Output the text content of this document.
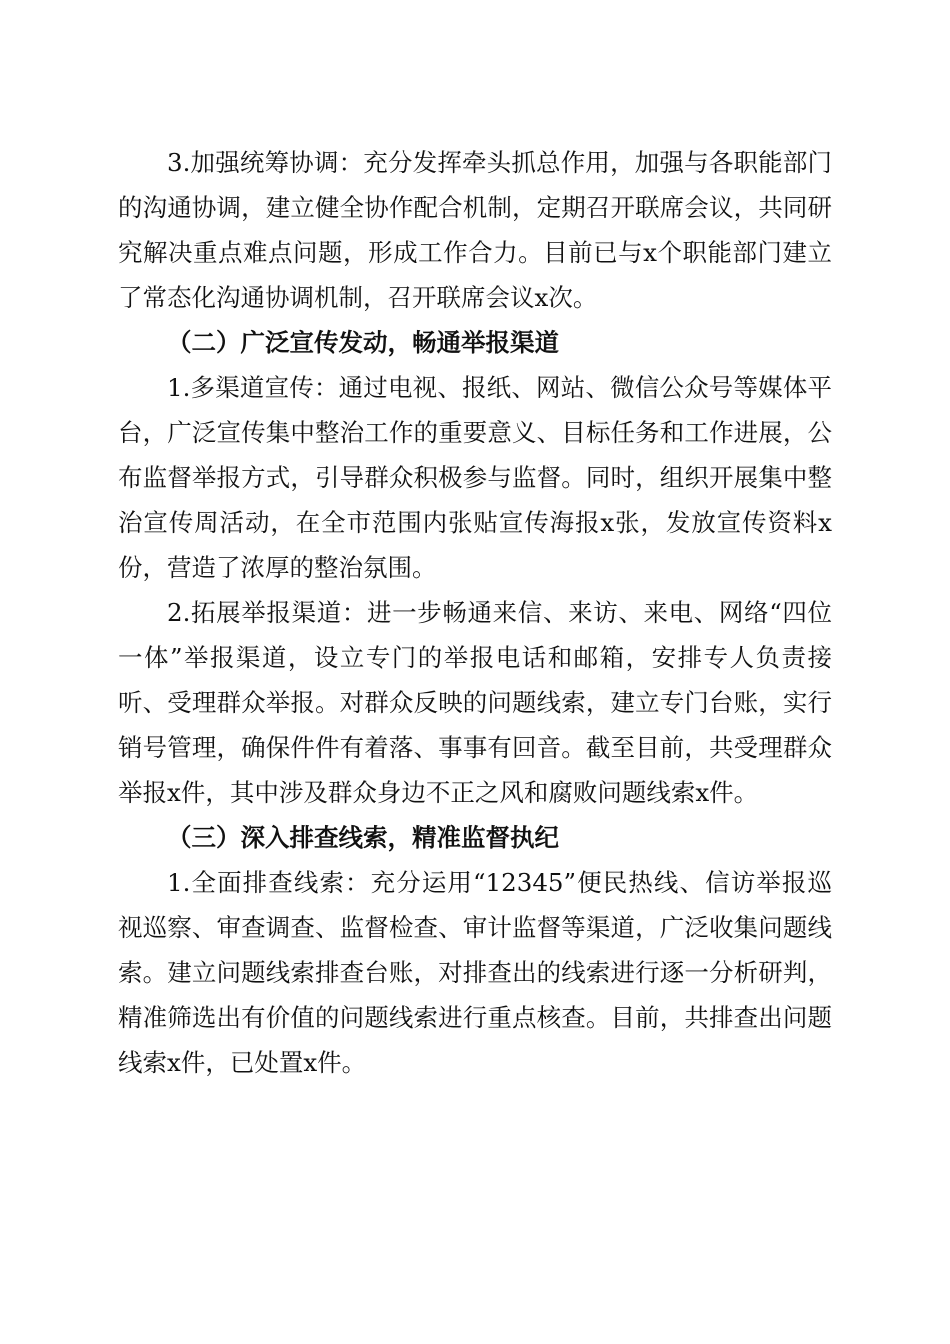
3.加强统筹协调：充分发挥牵头抓总作用，加强与各职能部门的沟通协调，建立健全协作配合机制，定期召开联席会议，共同研究解决重点难点问题，形成工作合力。目前已与x个职能部门建立了常态化沟通协调机制，召开联席会议x次。

（二）广泛宣传发动，畅通举报渠道

1.多渠道宣传：通过电视、报纸、网站、微信公众号等媒体平台，广泛宣传集中整治工作的重要意义、目标任务和工作进展，公布监督举报方式，引导群众积极参与监督。同时，组织开展集中整治宣传周活动，在全市范围内张贴宣传海报x张，发放宣传资料x份，营造了浓厚的整治氛围。

2.拓展举报渠道：进一步畅通来信、来访、来电、网络“四位一体”举报渠道，设立专门的举报电话和邮箱，安排专人负责接听、受理群众举报。对群众反映的问题线索，建立专门台账，实行销号管理，确保件件有着落、事事有回音。截至目前，共受理群众举报x件，其中涉及群众身边不正之风和腐败问题线索x件。

（三）深入排查线索，精准监督执纪

1.全面排查线索：充分运用“12345”便民热线、信访举报巡视巡察、审查调查、监督检查、审计监督等渠道，广泛收集问题线索。建立问题线索排查台账，对排查出的线索进行逐一分析研判，精准筛选出有价值的问题线索进行重点核查。目前，共排查出问题线索x件，已处置x件。
